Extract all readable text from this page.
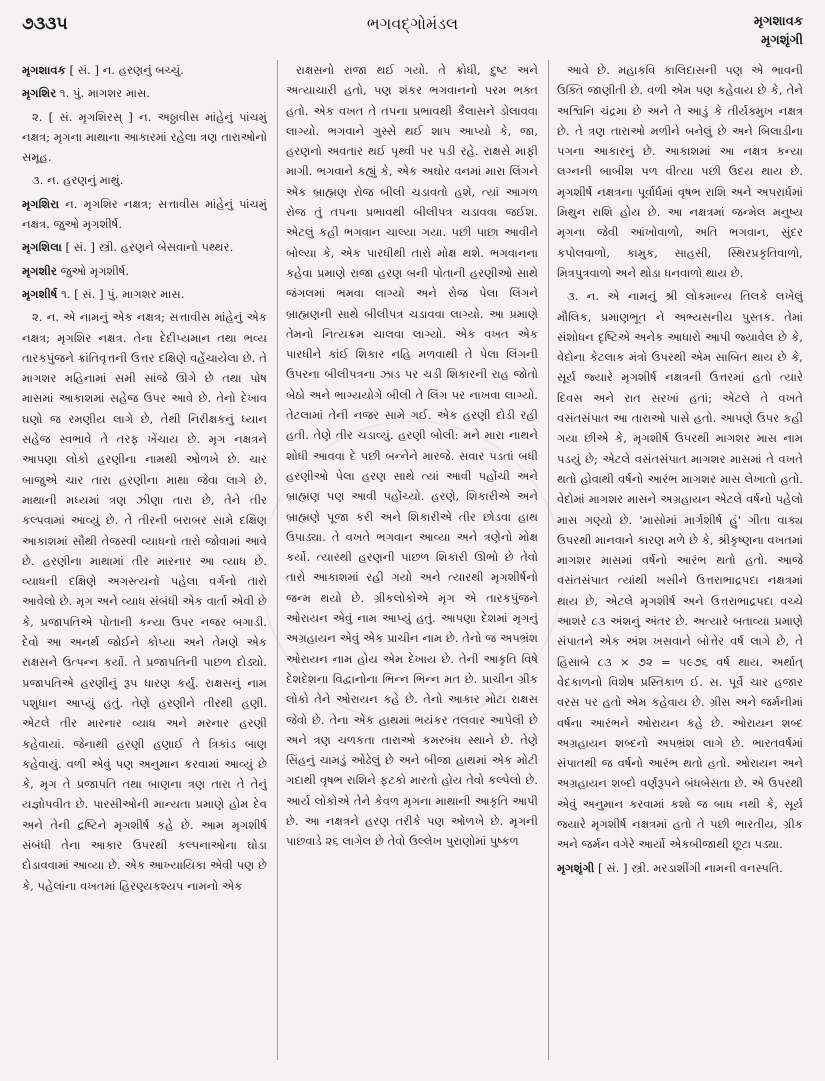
૭૩૩૫	ભગવદ્ગોમંડલ	મૃગશાવક
મૃગશૃંગી

મૃગશાવક [ સં. ] ન. હરણનું બચ્ચું.

મૃગશિર ૧. પું. માગશર માસ.

૨. [ સં. મૃગશિરસ્ ] ન. અઠ્ઠાવીસ માંહેનું પાંચમું નક્ષત્ર; મૃગના માથાના આકારમાં રહેલા ત્રણ તારાઓનો સમૂહ.

૩. ન. હરણનું માથું.

મૃગશિરા ન. મૃગશિર નક્ષત્ર; સત્તાવીસ માંહેનું પાંચમું નક્ષત્ર. જુઓ મૃગશીર્ષ.

મૃગશિલા [ સં. ] સ્ત્રી. હરણને બેસવાનો પથ્થર.

મૃગશીર જુઓ મૃગશીર્ષ.

મૃગશીર્ષ ૧. [ સં. ] પું. માગશર માસ.

૨. ન. એ નામનું એક નક્ષત્ર; સત્તાવીસ માંહેનું એક નક્ષત્ર; મૃગશિર નક્ષત્ર. તેના દેદીપ્યમાન તથા ભવ્ય તારકપુંજને ક્રાંતિવૃત્તની ઉત્તર દક્ષિણે વહેંચાયેલા છે. તે માગશર મહિનામાં સમી સાંજે ઊગે છે તથા પોષ માસમાં આકાશમાં સહેજ ઉપર આવે છે. તેનો દેખાવ ઘણો જ રમણીય લાગે છે, તેથી નિરીક્ષકનું ધ્યાન સહેજ સ્વભાવે તે તરફ ખેંચાય છે. મૃગ નક્ષત્રને આપણા લોકો હરણીના નામથી ઓળખે છે. ચાર બાજુએ ચાર તારા હરણીના માથા જેવા લાગે છે. માથાની મધ્યમાં ત્રણ ઝીણા તારા છે, તેને તીર કલ્પવામાં આવ્યું છે. તે તીરની બરાબર સામે દક્ષિણ આકાશમાં સૌથી તેજસ્વી વ્યાધનો તારો જોવામાં આવે છે. હરણીના માથામાં તીર મારનાર આ વ્યાધ છે. વ્યાધની દક્ષિણે અગસ્ત્યનો પહેલા વર્ગનો તારો આવેલો છે. મૃગ અને વ્યાધ સંબંધી એક વાર્તા એવી છે કે, પ્રજાપતિએ પોતાની કન્યા ઉપર નજર બગાડી. દેવો આ અનર્થ જોઈને કોપ્યા અને તેમણે એક રાક્ષસને ઉત્પન્ન કર્યો. તે પ્રજાપતિની પાછળ દોડ્યો. પ્રજાપતિએ હરણીનું રૂપ ધારણ કર્યું. રાક્ષસનું નામ પશુધાન આપ્યું હતું. તેણે હરણીને તીરથી હણી. એટલે તીર મારનાર વ્યાધ અને મરનાર હરણી કહેવાયાં. જેનાથી હરણી હણાઈ તે ત્રિકાંડ બાણ કહેવાયું. વળી એવું પણ અનુમાન કરવામાં આવ્યું છે કે, મૃગ તે પ્રજાપતિ તથા બાણના ત્રણ તારા તે તેનું યજ્ઞોપવીત છે. પારસીઓની માન્યતા પ્રમાણે હોમ દેવ અને તેની દ્રષ્ટિને મૃગશીર્ષ કહે છે. આમ મૃગશીર્ષ સંબંધી તેના આકાર ઉપરથી કલ્પનાઓના ઘોડા દોડાવવામાં આવ્યા છે. એક આખ્યાયિકા એવી પણ છે કે, પહેલાંના વખતમાં હિરણ્યકશ્યપ નામનો એક

રાક્ષસનો રાજા થઈ ગયો. તે ક્રોધી, દુષ્ટ અને અત્યાચારી હતો, પણ શંકર ભગવાનનો પરમ ભક્ત હતો. એક વખત તે તપના પ્રભાવથી કૈલાસને ડોલાવવા લાગ્યો. ભગવાને ગુસ્સે થઈ શાપ આપ્યો કે, જા, હરણનો અવતાર થઈ પૃથ્વી પર પડી રહે. રાક્ષસે માફી માગી. ભગવાને કહ્યું કે, એક અઘોર વનમાં મારા લિંગને એક બ્રાહ્મણ રોજ બીલી ચડાવતો હશે, ત્યાં આગળ રોજ તું તપના પ્રભાવથી બીલીપત્ર ચડાવવા જઈશ. એટલું કહી ભગવાન ચાલ્યા ગયા. પછી પાછા આવીને બોલ્યા કે, એક પારધીથી તારો મોક્ષ થશે. ભગવાનના કહેવા પ્રમાણે રાજા હરણ બની પોતાની હરણીઓ સાથે જંગલમાં ભમવા લાગ્યો અને રોજ પેલા લિંગને બ્રાહ્મણની સાથે બીલીપત્ર ચડાવવા લાગ્યો. આ પ્રમાણે તેમનો નિત્યક્રમ ચાલવા લાગ્યો. એક વખત એક પારધીને કાંઈ શિકાર નહિ મળવાથી તે પેલા લિંગની ઉપરના બીલીપત્રના ઝાડ પર ચડી શિકારની રાહ જોતો બેઠો અને ભાગ્યયોગે બીલી તે લિંગ પર નાખવા લાગ્યો. તેટલામાં તેની નજર સામે ગઈ. એક હરણી દોડી રહી હતી. તેણે તીર ચડાવ્યું. હરણી બોલી: મને મારા નાથને શોધી આવવા દે પછી બન્નેને મારજે. સવાર પડતાં બધી હરણીઓ પેલા હરણ સાથે ત્યાં આવી પહોંચી અને બ્રાહ્મણ પણ આવી પહોંચ્યો. હરણે, શિકારીએ અને બ્રાહ્મણે પૂજા કરી અને શિકારીએ તીર છોડવા હાથ ઉપાડ્યા. તે વખતે ભગવાન આવ્યા અને ત્રણેનો મોક્ષ કર્યો. ત્યારથી હરણની પાછળ શિકારી ઊભો છે તેવો તારો આકાશમાં રહી ગયો અને ત્યારથી મૃગશીર્ષનો જન્મ થયો છે. ગ્રીકલોકોએ મૃગ એ તારકપુંજને ઓરાયન એવું નામ આપ્યું હતું. આપણા દેશમાં મૃગનું અગ્રહાયન એવું એક પ્રાચીન નામ છે. તેનો જ અપભ્રંશ ઓરાયન નામ હોય એમ દેખાય છે. તેની આકૃતિ વિષે દેશદેશના વિદ્વાનોના ભિન્ન ભિન્ન મત છે. પ્રાચીન ગ્રીક લોકો તેને ઓરાયન કહે છે. તેનો આકાર મોટા રાક્ષસ જેવો છે. તેના એક હાથમાં ભયંકર તલવાર આપેલી છે અને ત્રણ ચળકતા તારાઓ કમરબંધ સ્થાને છે. તેણે સિંહનું ચામડું ઓઢેલું છે અને બીજા હાથમાં એક મોટી ગદાથી વૃષભ રાશિને ફટકો મારતો હોય તેવો કલ્પેલો છે. આર્ય લોકોએ તેને કેવળ મૃગના માથાની આકૃતિ આપી છે. આ નક્ષત્રને હરણ તરીકે પણ ઓળખે છે. મૃગની પાછવાડે ૨૬ લાગેલ છે તેવો ઉલ્લેખ પુરાણોમાં પુષ્કળ

આવે છે. મહાકવિ કાલિદાસની પણ એ ભાવની ઉક્તિ જાણીતી છે. વળી એમ પણ કહેવાય છે કે, તેને અશ્વિનિ ચંદ્રમા છે અને તે આડું કે તીર્યક્મુખ નક્ષત્ર છે. તે ત્રણ તારાઓ મળીને બનેલું છે અને બિલાડીના પગના આકારનું છે. આકાશમાં આ નક્ષત્ર કન્યા લગ્નની બાબીશ પળ વીત્યા પછી ઉદય થાય છે. મૃગશીર્ષ નક્ષત્રના પૂર્વાર્ધમાં વૃષભ રાશિ અને અપરાર્ધમાં મિથુન રાશિ હોય છે. આ નક્ષત્રમાં જન્મેલ મનુષ્ય મૃગના જેવી આંખોવાળો, અતિ ભગવાન, સુંદર કપોલવાળો, કામુક, સાહસી, સ્થિરપ્રકૃતિવાળો, મિત્રપુત્રવાળો અને થોડા ધનવાળો થાય છે.

૩. ન. એ નામનું શ્રી લોકમાન્ય તિલકે લખેલું મૌલિક, પ્રમાણભૂત ને અભ્યસનીય પુસ્તક. તેમાં સંશોધન દૃષ્ટિએ અનેક આધારો આપી જ્યાવેલ છે કે, વેદોના કેટલાક મંત્રો ઉપરથી એમ સાબિત થાય છે કે, સૂર્ય જ્યારે મૃગશીર્ષ નક્ષત્રની ઉત્તરમાં હતો ત્યારે દિવસ અને રાત સરખાં હતાં; એટલે તે વખતે વસંતસંપાત આ તારાઓ પાસે હતો. આપણે ઉપર કહી ગયા છીએ કે, મૃગશીર્ષ ઉપરથી માગશર માસ નામ પડયું છે; એટલે વસંતસંપાત માગશર માસમાં તે વખતે થતો હોવાથી વર્ષનો આરંભ માગશર માસ લેખાતો હતો. વેદોમાં માગશર માસને અગ્રહાયન એટલે વર્ષનો પહેલો માસ ગણ્યો છે. 'માસોમાં માર્ગશીર્ષ હું' ગીતા વાક્ય ઉપરથી માનવાને કારણ મળે છે કે, શ્રીકૃષ્ણના વખતમાં માગશર માસમાં વર્ષનો આરંભ થતો હતો. આજે વસંતસંપાત ત્યાંથી ખસીને ઉત્તરાભાદ્રપદા નક્ષત્રમાં થાય છે, એટલે મૃગશીર્ષ અને ઉત્તરાભાદ્રપદા વચ્ચે આશરે ૮૩ અંશનું અંતર છે. અત્યારે બતાવ્યા પ્રમાણે સંપાતને એક અંશ ખસવાને બોત્તેર વર્ષ લાગે છે, તે હિસાબે ૮૩ × ૭૨ = ૫૯૭૬ વર્ષ થાય. અર્થાત્ વેદકાળનો વિશેષ પ્રસ્તિકાળ ઈ. સ. પૂર્વે ચાર હજાર વરસ પર હતો એમ કહેવાય છે. ગ્રીસ અને જર્મનીમાં વર્ષના આરંભને ઓરાયન કહે છે. ઓરાયન શબ્દ અગ્રહાયન શબ્દનો અપભ્રંશ લાગે છે. ભારતવર્ષમાં સંપાતથી જ વર્ષનો આરંભ થતો હતો. ઓરાયન અને અગ્રહાયન શબ્દો વર્ણરૂપને બંધબેસતા છે. એ ઉપરથી એવું અનુમાન કરવામાં કશો જ બાધ નથી કે, સૂર્ય જ્યારે મૃગશીર્ષ નક્ષત્રમાં હતો તે પછી ભારતીય, ગ્રીક અને જર્મન વગેરે આર્યો એકબીજાથી છૂટા પડ્યા.

મૃગશૃંગી [ સં. ] સ્ત્રી. મરડાશીંગી નામની વનસ્પતિ.
